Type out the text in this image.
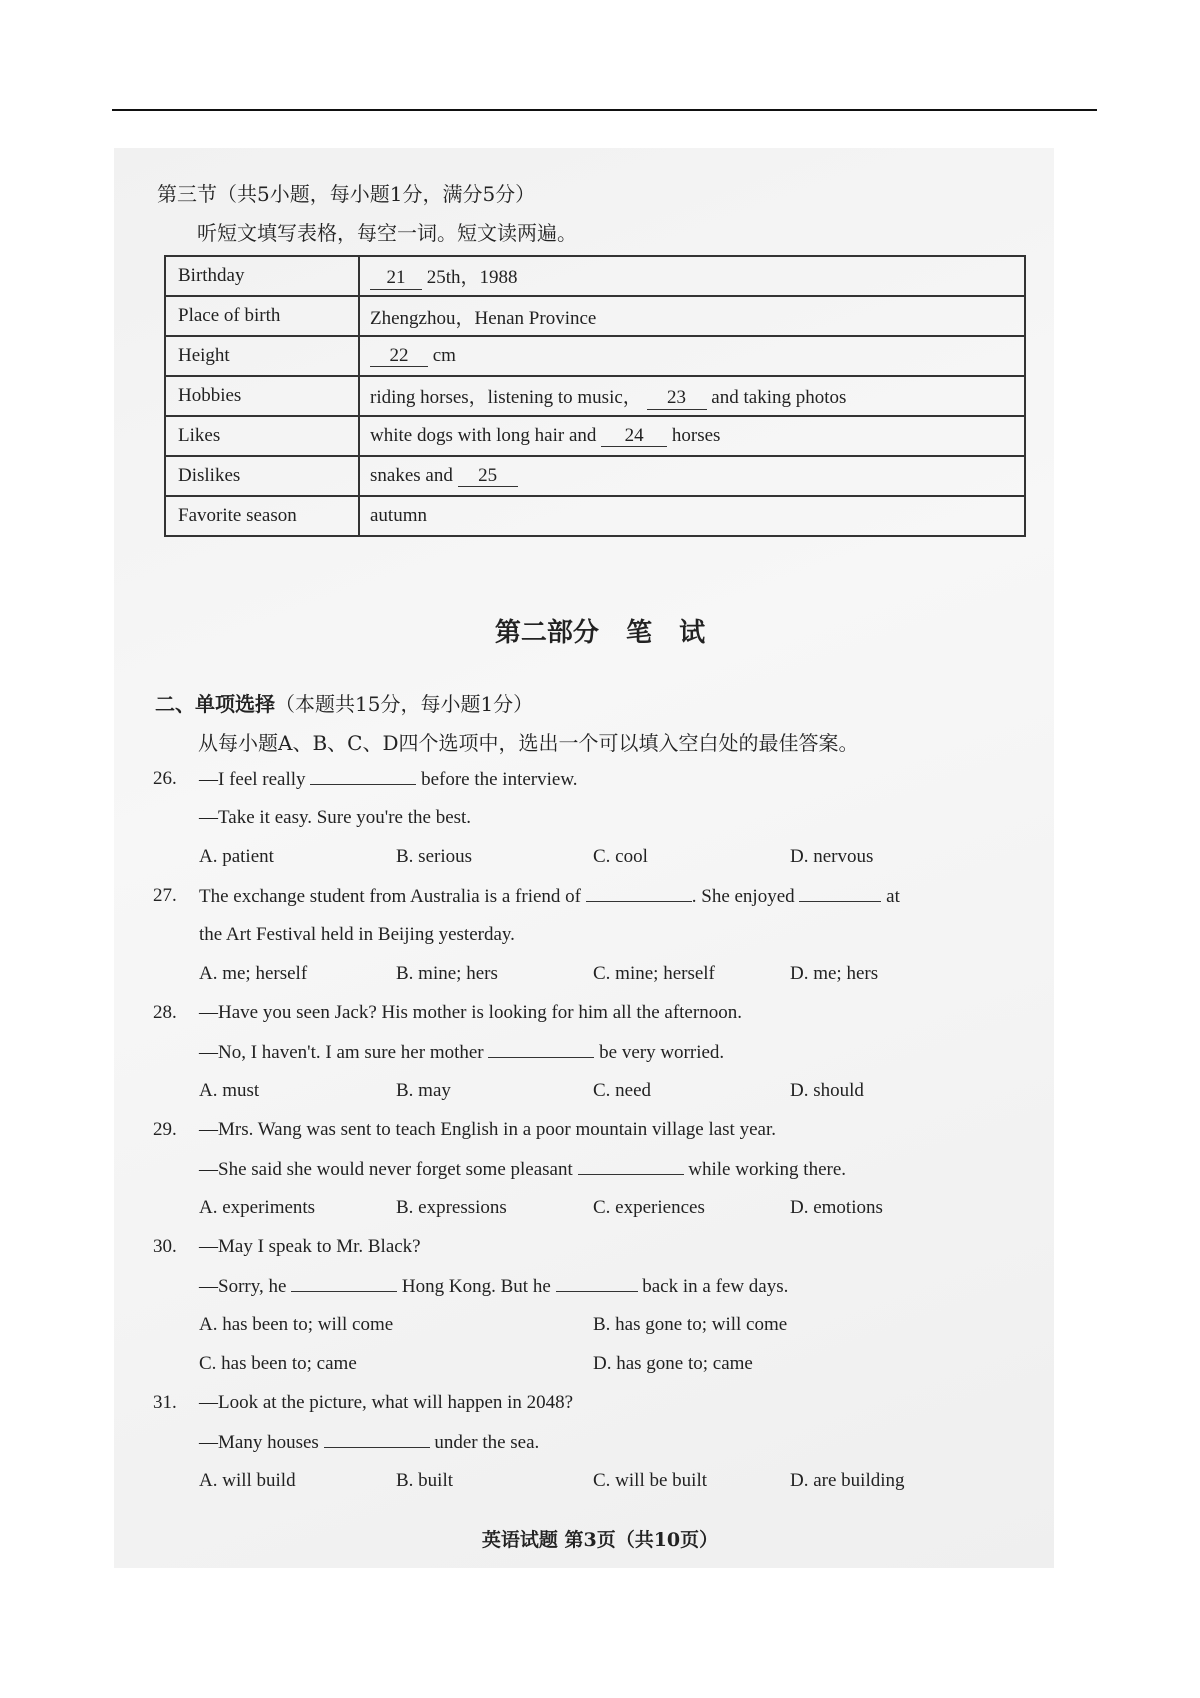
第三节（共5小题，每小题1分，满分5分）
听短文填写表格，每空一词。短文读两遍。
Birthday	21 25th，1988
Place of birth	Zhengzhou，Henan Province
Height	22 cm
Hobbies	riding horses，listening to music， 23 and taking photos
Likes	white dogs with long hair and 24 horses
Dislikes	snakes and 25
Favorite season	autumn
第二部分 笔 试
二、单项选择（本题共15分，每小题1分）
从每小题A、B、C、D四个选项中，选出一个可以填入空白处的最佳答案。
26. —I feel really	before the interview.
—Take it easy. Sure you're the best.
A. patient	B. serious	C. cool	D. nervous
27. The exchange student from Australia is a friend of	. She enjoyed	at
the Art Festival held in Beijing yesterday.
A. me; herself	B. mine; hers	C. mine; herself	D. me; hers
28. —Have you seen Jack? His mother is looking for him all the afternoon.
—No, I haven't. I am sure her mother	be very worried.
A. must	B. may	C. need	D. should
29. —Mrs. Wang was sent to teach English in a poor mountain village last year.
—She said she would never forget some pleasant	while working there.
A. experiments	B. expressions	C. experiences	D. emotions
30. —May I speak to Mr. Black?
—Sorry, he	Hong Kong. But he	back in a few days.
A. has been to; will come	B. has gone to; will come
C. has been to; came	D. has gone to; came
31. —Look at the picture, what will happen in 2048?
—Many houses	under the sea.
A. will build	B. built	C. will be built	D. are building
英语试题 第3页（共10页）
